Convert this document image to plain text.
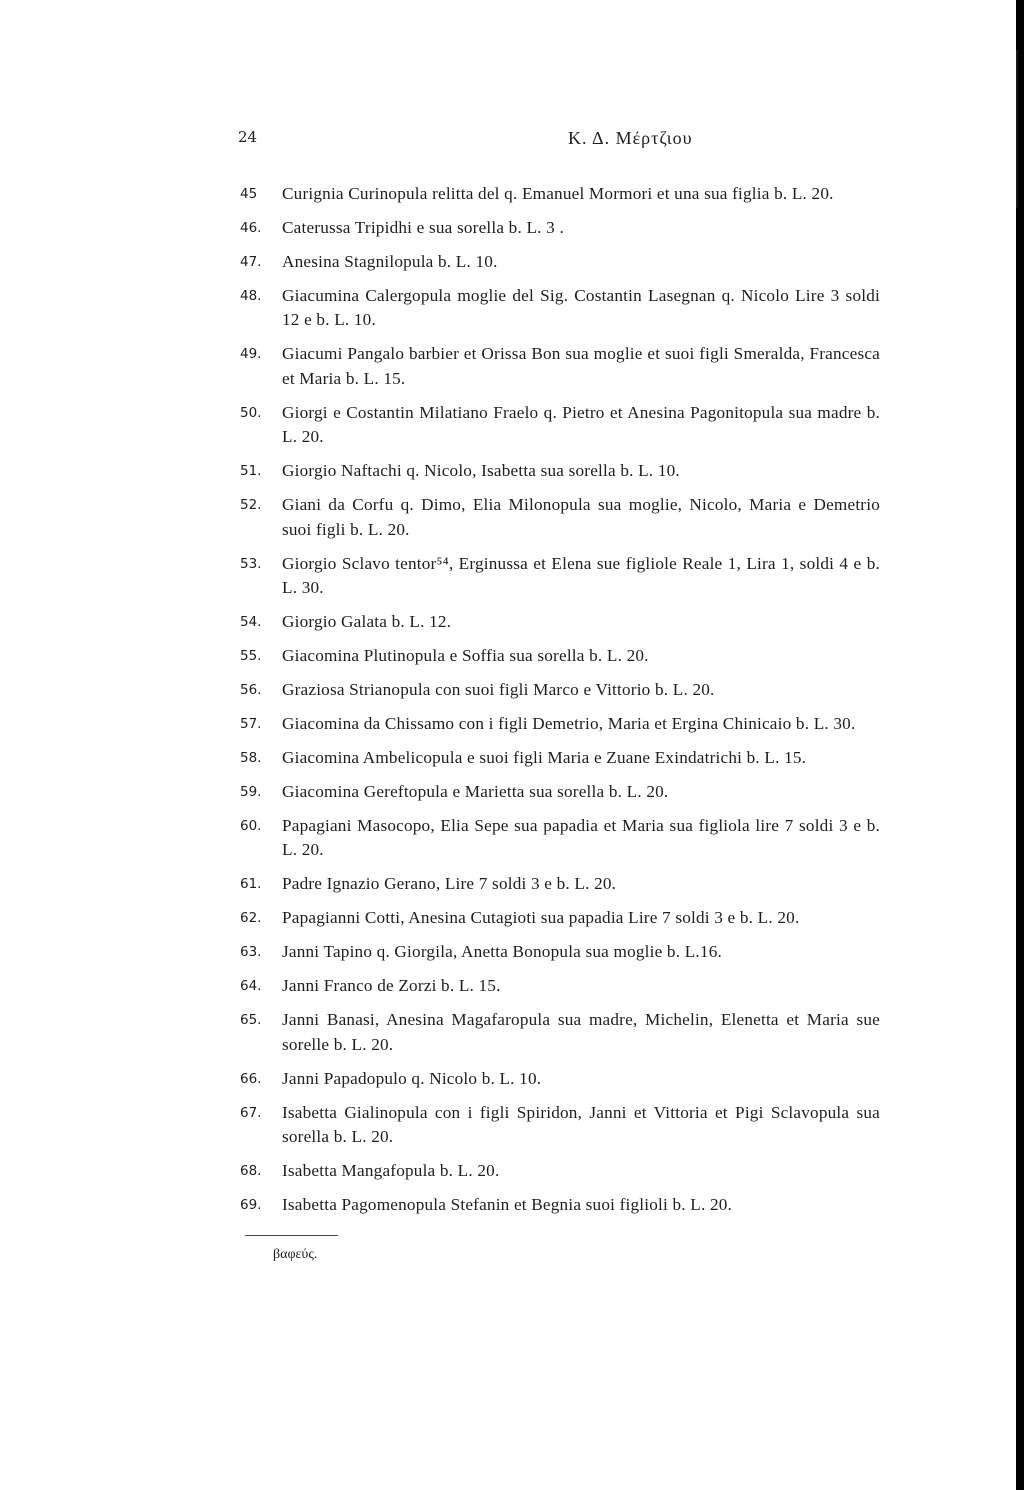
24	Κ. Δ. Μέρτζιου
45	Curignia Curinopula relitta del q. Emanuel Mormori et una sua figlia b. L. 20.
46.	Caterussa Tripidhi e sua sorella b. L. 3 .
47.	Anesina Stagnilopula b. L. 10.
48.	Giacumina Calergopula moglie del Sig. Costantin Lasegnan q. Nicolo Lire 3 soldi 12 e b. L. 10.
49.	Giacumi Pangalo barbier et Orissa Bon sua moglie et suoi figli Smeralda, Francesca et Maria b. L. 15.
50.	Giorgi e Costantin Milatiano Fraelo q. Pietro et Anesina Pagonitopula sua madre b. L. 20.
51.	Giorgio Naftachi q. Nicolo, Isabetta sua sorella b. L. 10.
52.	Giani da Corfu q. Dimo, Elia Milonopula sua moglie, Nicolo, Maria e Demetrio suoi figli b. L. 20.
53.	Giorgio Sclavo tentor⁵⁴, Erginussa et Elena sue figliole Reale 1, Lira 1, soldi 4 e b. L. 30.
54.	Giorgio Galata b. L. 12.
55.	Giacomina Plutinopula e Soffia sua sorella b. L. 20.
56.	Graziosa Strianopula con suoi figli Marco e Vittorio b. L. 20.
57.	Giacomina da Chissamo con i figli Demetrio, Maria et Ergina Chinicaio b. L. 30.
58.	Giacomina Ambelicopula e suoi figli Maria e Zuane Exindatrichi b. L. 15.
59.	Giacomina Gereftopula e Marietta sua sorella b. L. 20.
60.	Papagiani Masocopo, Elia Sepe sua papadia et Maria sua figliola lire 7 soldi 3 e b. L. 20.
61.	Padre Ignazio Gerano, Lire 7 soldi 3 e b. L. 20.
62.	Papagianni Cotti, Anesina Cutagioti sua papadia Lire 7 soldi 3 e b. L. 20.
63.	Janni Tapino q. Giorgila, Anetta Bonopula sua moglie b. L.16.
64.	Janni Franco de Zorzi b. L. 15.
65.	Janni Banasi, Anesina Magafaropula sua madre, Michelin, Elenetta et Maria sue sorelle b. L. 20.
66.	Janni Papadopulo q. Nicolo b. L. 10.
67.	Isabetta Gialinopula con i figli Spiridon, Janni et Vittoria et Pigi Sclavopula sua sorella b. L. 20.
68.	Isabetta Mangafopula b. L. 20.
69.	Isabetta Pagomenopula Stefanin et Begnia suoi figlioli b. L. 20.
βαφεύς.
